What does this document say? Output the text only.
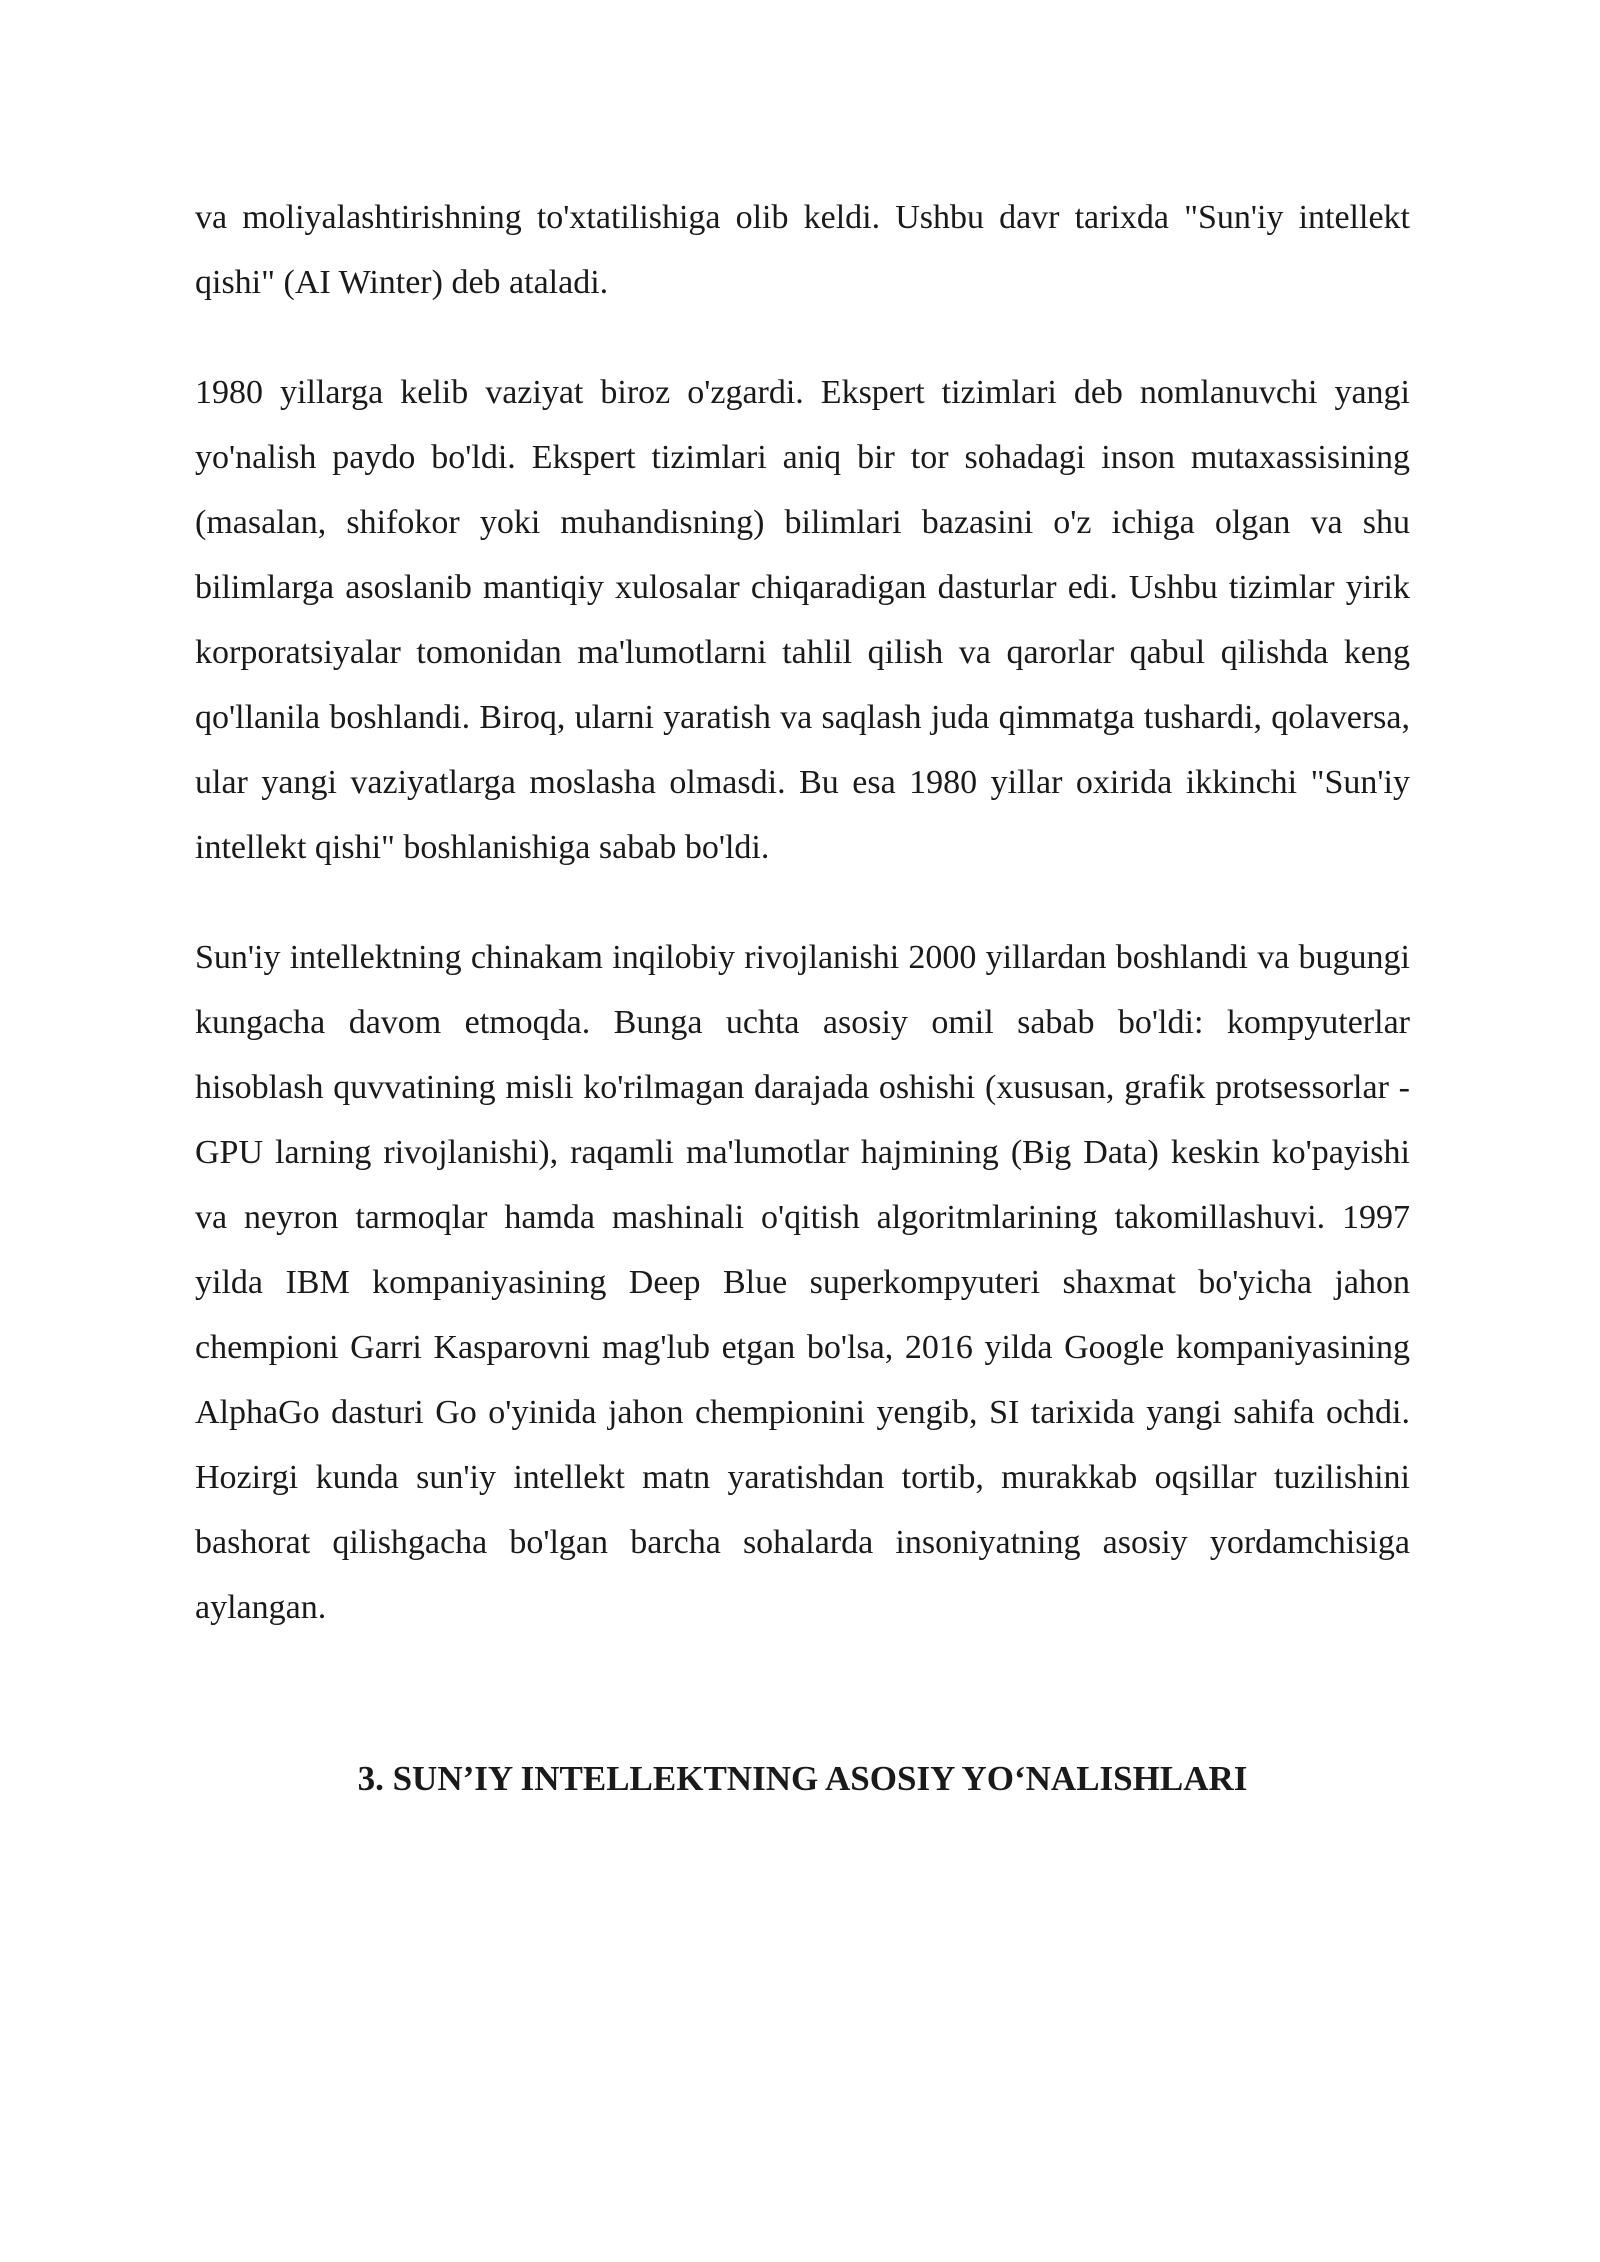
va moliyalashtirishning to'xtatilishiga olib keldi. Ushbu davr tarixda "Sun'iy intellekt qishi" (AI Winter) deb ataladi.

1980 yillarga kelib vaziyat biroz o'zgardi. Ekspert tizimlari deb nomlanuvchi yangi yo'nalish paydo bo'ldi. Ekspert tizimlari aniq bir tor sohadagi inson mutaxassisining (masalan, shifokor yoki muhandisning) bilimlari bazasini o'z ichiga olgan va shu bilimlarga asoslanib mantiqiy xulosalar chiqaradigan dasturlar edi. Ushbu tizimlar yirik korporatsiyalar tomonidan ma'lumotlarni tahlil qilish va qarorlar qabul qilishda keng qo'llanila boshlandi. Biroq, ularni yaratish va saqlash juda qimmatga tushardi, qolaversa, ular yangi vaziyatlarga moslasha olmasdi. Bu esa 1980 yillar oxirida ikkinchi "Sun'iy intellekt qishi" boshlanishiga sabab bo'ldi.

Sun'iy intellektning chinakam inqilobiy rivojlanishi 2000 yillardan boshlandi va bugungi kungacha davom etmoqda. Bunga uchta asosiy omil sabab bo'ldi: kompyuterlar hisoblash quvvatining misli ko'rilmagan darajada oshishi (xususan, grafik protsessorlar - GPU larning rivojlanishi), raqamli ma'lumotlar hajmining (Big Data) keskin ko'payishi va neyron tarmoqlar hamda mashinali o'qitish algoritmlarining takomillashuvi. 1997 yilda IBM kompaniyasining Deep Blue superkompyuteri shaxmat bo'yicha jahon chempioni Garri Kasparovni mag'lub etgan bo'lsa, 2016 yilda Google kompaniyasining AlphaGo dasturi Go o'yinida jahon chempionini yengib, SI tarixida yangi sahifa ochdi. Hozirgi kunda sun'iy intellekt matn yaratishdan tortib, murakkab oqsillar tuzilishini bashorat qilishgacha bo'lgan barcha sohalarda insoniyatning asosiy yordamchisiga aylangan.

3. SUN’IY INTELLEKTNING ASOSIY YO‘NALISHLARI
